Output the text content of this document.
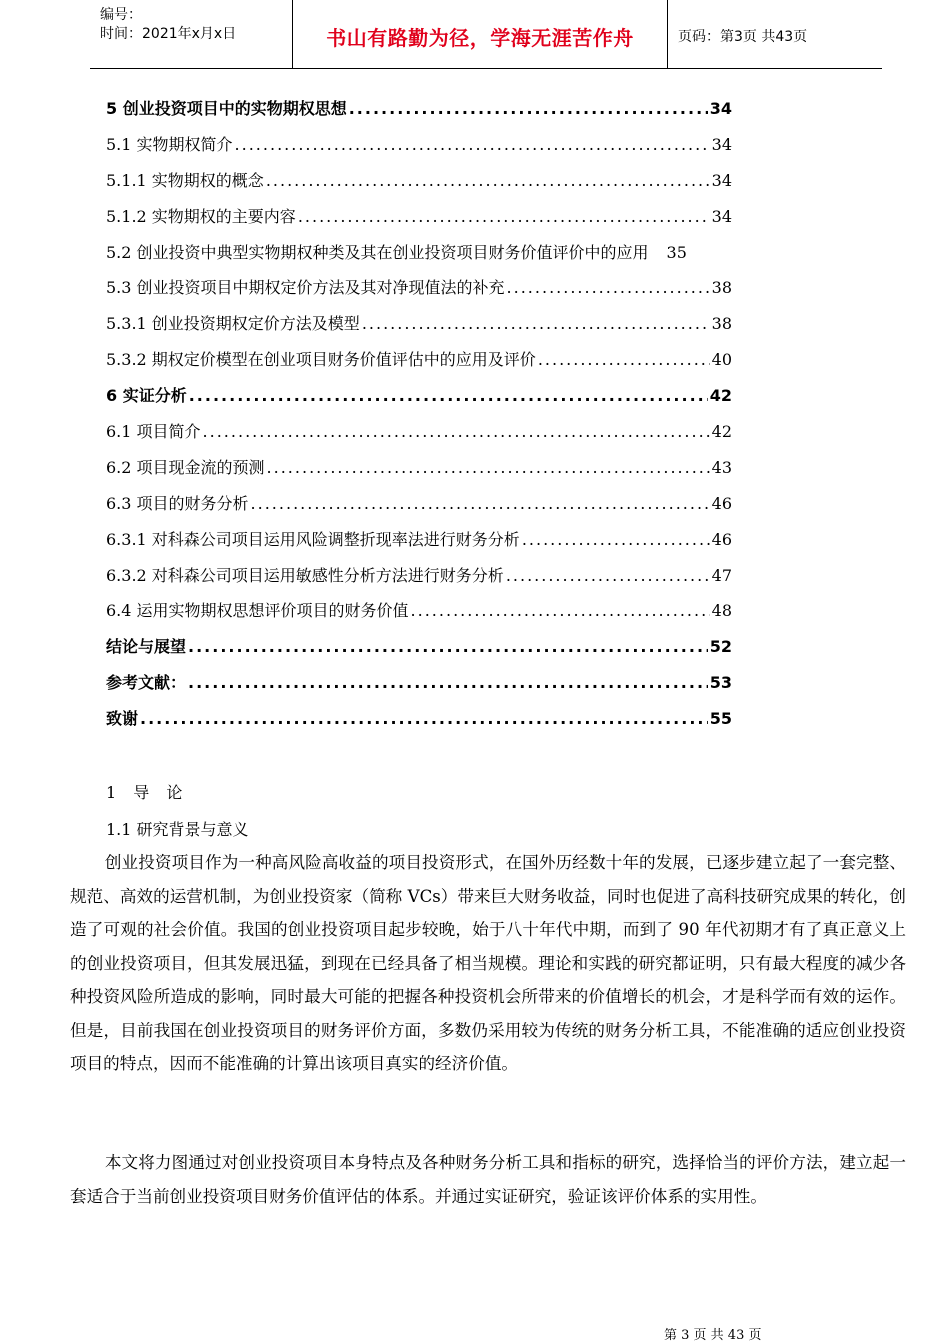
编号：
时间：2021年x月x日	书山有路勤为径，学海无涯苦作舟	页码：第3页 共43页
5 创业投资项目中的实物期权思想 .....	34
5.1 实物期权简介 .....	34
5.1.1 实物期权的概念 .....	34
5.1.2 实物期权的主要内容 .....	34
5.2 创业投资中典型实物期权种类及其在创业投资项目财务价值评价中的应用 35
5.3 创业投资项目中期权定价方法及其对净现值法的补充 .....	38
5.3.1 创业投资期权定价方法及模型 .....	38
5.3.2 期权定价模型在创业项目财务价值评估中的应用及评价 .....	40
6 实证分析 .....	42
6.1 项目简介 .....	42
6.2 项目现金流的预测 .....	43
6.3 项目的财务分析 .....	46
6.3.1 对科森公司项目运用风险调整折现率法进行财务分析 .....	46
6.3.2 对科森公司项目运用敏感性分析方法进行财务分析 .....	47
6.4 运用实物期权思想评价项目的财务价值 .....	48
结论与展望 .....	52
参考文献： .....	53
致谢 .....	55
1 导 论
1.1 研究背景与意义
创业投资项目作为一种高风险高收益的项目投资形式，在国外历经数十年的发展，已逐步建立起了一套完整、规范、高效的运营机制，为创业投资家（简称 VCs）带来巨大财务收益，同时也促进了高科技研究成果的转化，创造了可观的社会价值。我国的创业投资项目起步较晚，始于八十年代中期，而到了 90 年代初期才有了真正意义上的创业投资项目，但其发展迅猛，到现在已经具备了相当规模。理论和实践的研究都证明，只有最大程度的减少各种投资风险所造成的影响，同时最大可能的把握各种投资机会所带来的价值增长的机会，才是科学而有效的运作。但是，目前我国在创业投资项目的财务评价方面，多数仍采用较为传统的财务分析工具，不能准确的适应创业投资项目的特点，因而不能准确的计算出该项目真实的经济价值。
本文将力图通过对创业投资项目本身特点及各种财务分析工具和指标的研究，选择恰当的评价方法，建立起一套适合于当前创业投资项目财务价值评估的体系。并通过实证研究，验证该评价体系的实用性。
第 3 页 共 43 页
